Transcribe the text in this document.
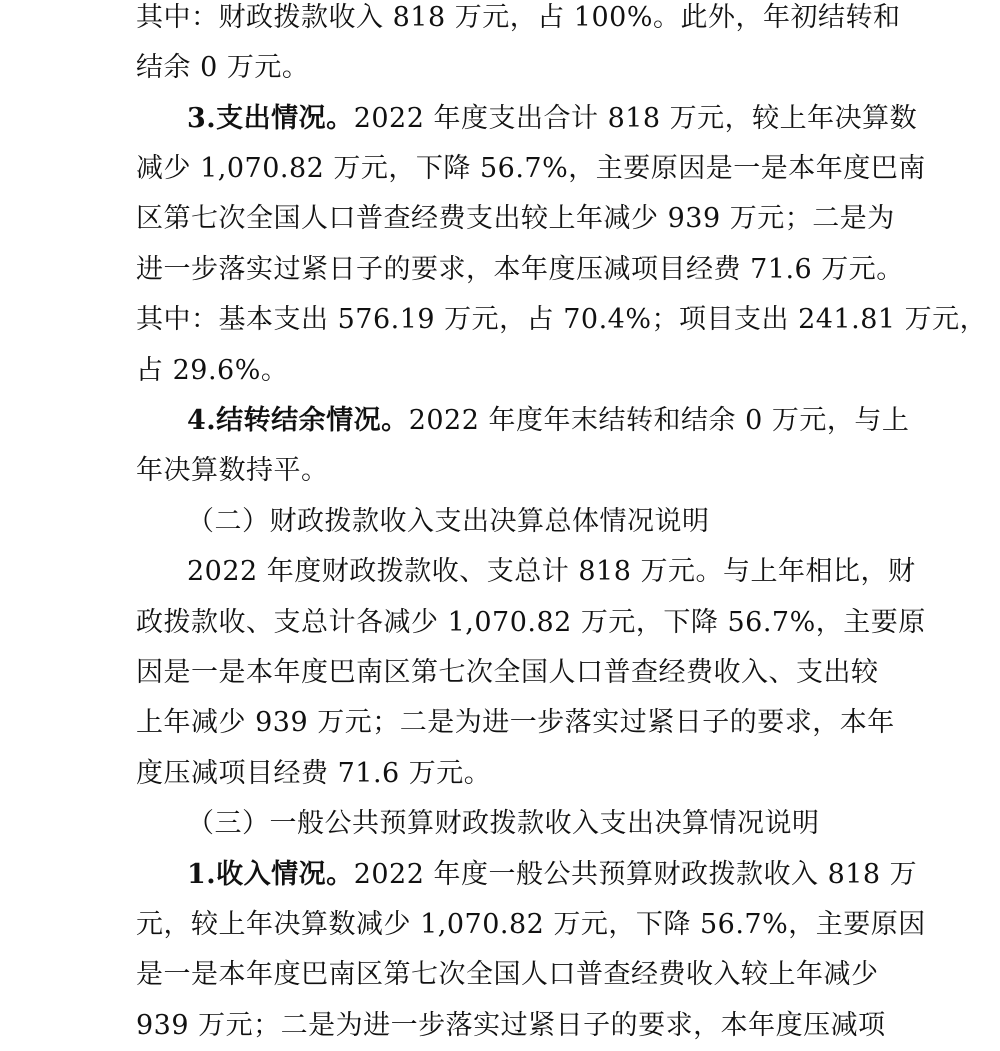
其中：财政拨款收入 818 万元，占 100%。此外，年初结转和
结余 0 万元。
3.支出情况。2022 年度支出合计 818 万元，较上年决算数
减少 1,070.82 万元，下降 56.7%，主要原因是一是本年度巴南
区第七次全国人口普查经费支出较上年减少 939 万元；二是为
进一步落实过紧日子的要求，本年度压减项目经费 71.6 万元。
其中：基本支出 576.19 万元，占 70.4%；项目支出 241.81 万元，
占 29.6%。
4.结转结余情况。2022 年度年末结转和结余 0 万元，与上
年决算数持平。
（二）财政拨款收入支出决算总体情况说明
2022 年度财政拨款收、支总计 818 万元。与上年相比，财
政拨款收、支总计各减少 1,070.82 万元，下降 56.7%，主要原
因是一是本年度巴南区第七次全国人口普查经费收入、支出较
上年减少 939 万元；二是为进一步落实过紧日子的要求，本年
度压减项目经费 71.6 万元。
（三）一般公共预算财政拨款收入支出决算情况说明
1.收入情况。2022 年度一般公共预算财政拨款收入 818 万
元，较上年决算数减少 1,070.82 万元，下降 56.7%，主要原因
是一是本年度巴南区第七次全国人口普查经费收入较上年减少
939 万元；二是为进一步落实过紧日子的要求，本年度压减项
